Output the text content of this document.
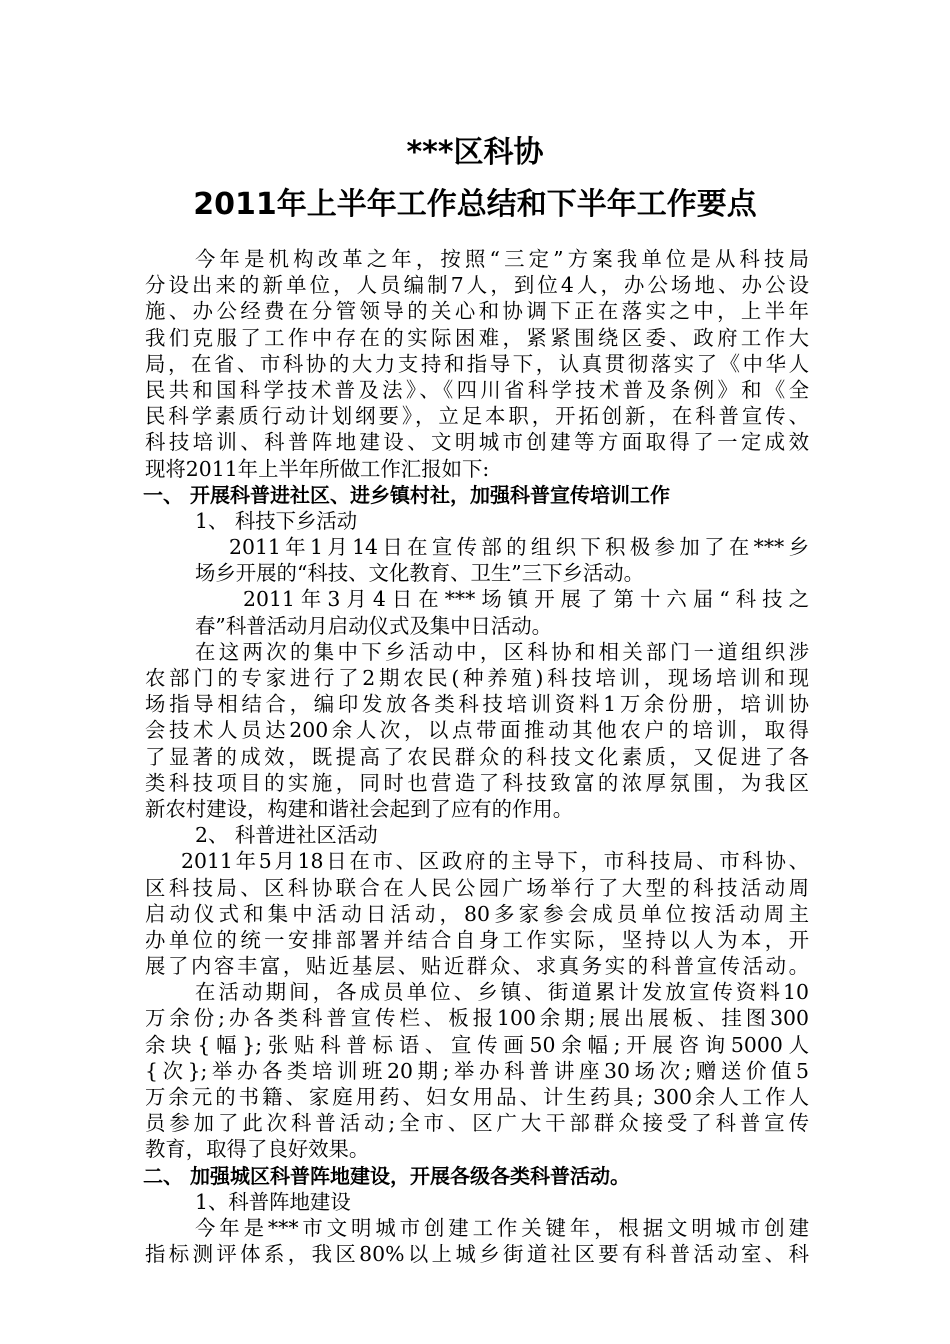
***区科协
2011年上半年工作总结和下半年工作要点
今年是机构改革之年，按照“三定”方案我单位是从科技局
分设出来的新单位，人员编制7人，到位4人，办公场地、办公设
施、办公经费在分管领导的关心和协调下正在落实之中，上半年
我们克服了工作中存在的实际困难，紧紧围绕区委、政府工作大
局，在省、市科协的大力支持和指导下，认真贯彻落实了《中华人
民共和国科学技术普及法》、《四川省科学技术普及条例》和《全
民科学素质行动计划纲要》，立足本职，开拓创新，在科普宣传、
科技培训、科普阵地建设、文明城市创建等方面取得了一定成效
现将2011年上半年所做工作汇报如下:
一、 开展科普进社区、进乡镇村社，加强科普宣传培训工作
1、 科技下乡活动
2011年1月14日在宣传部的组织下积极参加了在***乡
场乡开展的“科技、文化教育、卫生”三下乡活动。
2011年3月4日在***场镇开展了第十六届“科技之
春”科普活动月启动仪式及集中日活动。
在这两次的集中下乡活动中，区科协和相关部门一道组织涉
农部门的专家进行了2期农民(种养殖)科技培训，现场培训和现
场指导相结合，编印发放各类科技培训资料1万余份册，培训协
会技术人员达200余人次，以点带面推动其他农户的培训，取得
了显著的成效，既提高了农民群众的科技文化素质，又促进了各
类科技项目的实施，同时也营造了科技致富的浓厚氛围，为我区
新农村建设，构建和谐社会起到了应有的作用。
2、 科普进社区活动
2011年5月18日在市、区政府的主导下，市科技局、市科协、
区科技局、区科协联合在人民公园广场举行了大型的科技活动周
启动仪式和集中活动日活动，80多家参会成员单位按活动周主
办单位的统一安排部署并结合自身工作实际，坚持以人为本，开
展了内容丰富，贴近基层、贴近群众、求真务实的科普宣传活动。
在活动期间，各成员单位、乡镇、街道累计发放宣传资料10
万余份;办各类科普宣传栏、板报100余期;展出展板、挂图300
余块{幅};张贴科普标语、宣传画50余幅;开展咨询5000人
{次};举办各类培训班20期;举办科普讲座30场次;赠送价值5
万余元的书籍、家庭用药、妇女用品、计生药具; 300余人工作人
员参加了此次科普活动;全市、区广大干部群众接受了科普宣传
教育，取得了良好效果。
二、 加强城区科普阵地建设，开展各级各类科普活动。
1、科普阵地建设
今年是***市文明城市创建工作关键年，根据文明城市创建
指标测评体系，我区80%以上城乡街道社区要有科普活动室、科
